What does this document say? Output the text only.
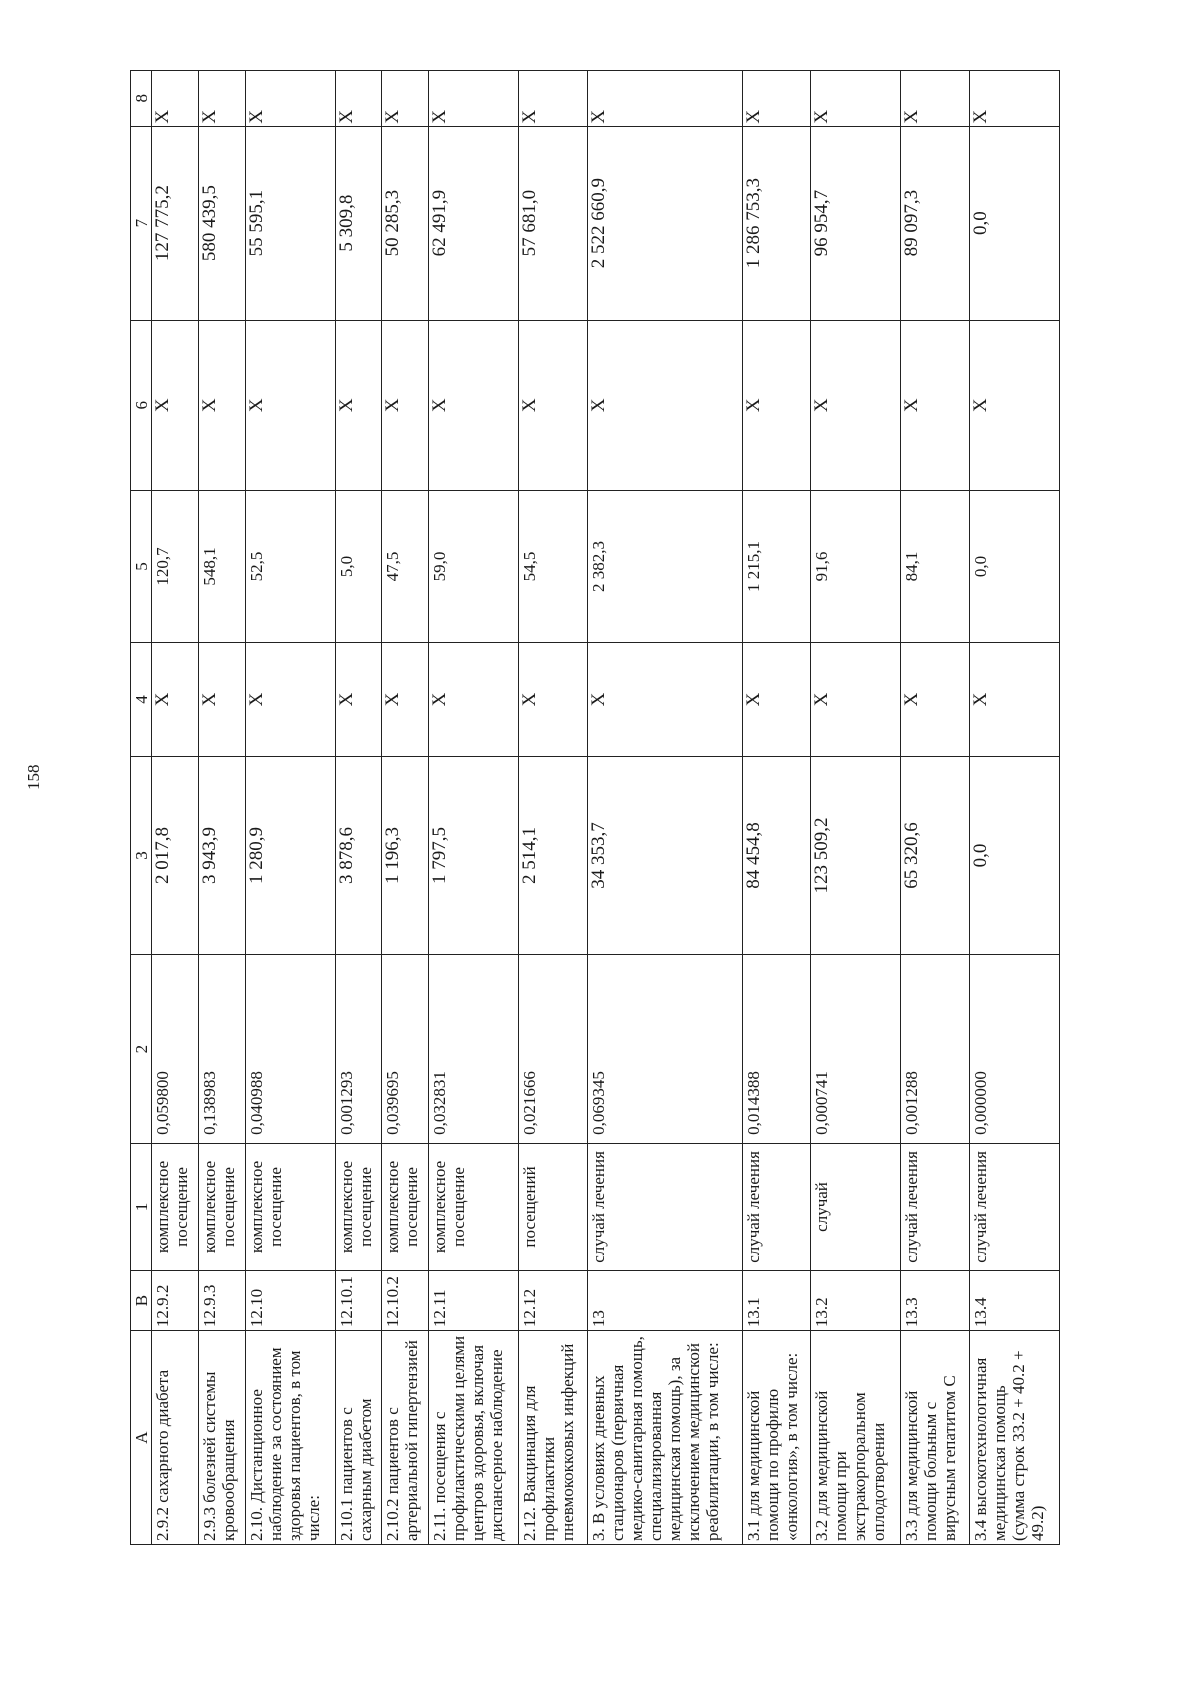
158
A	B	1	2	3	4	5	6	7	8
2.9.2 сахарного диабета	12.9.2	комплексное посещение	0,059800	2 017,8	X	120,7	X	127 775,2	X
2.9.3 болезней системы кровообращения	12.9.3	комплексное посещение	0,138983	3 943,9	X	548,1	X	580 439,5	X
2.10. Дистанционное наблюдение за состоянием здоровья пациентов, в том числе:	12.10	комплексное посещение	0,040988	1 280,9	X	52,5	X	55 595,1	X
2.10.1 пациентов с сахарным диабетом	12.10.1	комплексное посещение	0,001293	3 878,6	X	5,0	X	5 309,8	X
2.10.2 пациентов с артериальной гипертензией	12.10.2	комплексное посещение	0,039695	1 196,3	X	47,5	X	50 285,3	X
2.11. посещения с профилактическими целями центров здоровья, включая диспансерное наблюдение	12.11	комплексное посещение	0,032831	1 797,5	X	59,0	X	62 491,9	X
2.12. Вакцинация для профилактики пневмококковых инфекций	12.12	посещений	0,021666	2 514,1	X	54,5	X	57 681,0	X
3. В условиях дневных стационаров (первичная медико-санитарная помощь, специализированная медицинская помощь), за исключением медицинской реабилитации, в том числе:	13	случай лечения	0,069345	34 353,7	X	2 382,3	X	2 522 660,9	X
3.1 для медицинской помощи по профилю «онкология», в том числе:	13.1	случай лечения	0,014388	84 454,8	X	1 215,1	X	1 286 753,3	X
3.2 для медицинской помощи при экстракорпоральном оплодотворении	13.2	случай	0,000741	123 509,2	X	91,6	X	96 954,7	X
3.3 для медицинской помощи больным с вирусным гепатитом С	13.3	случай лечения	0,001288	65 320,6	X	84,1	X	89 097,3	X
3.4 высокотехнологичная медицинская помощь (сумма строк 33.2 + 40.2 + 49.2)	13.4	случай лечения	0,000000	0,0	X	0,0	X	0,0	X
